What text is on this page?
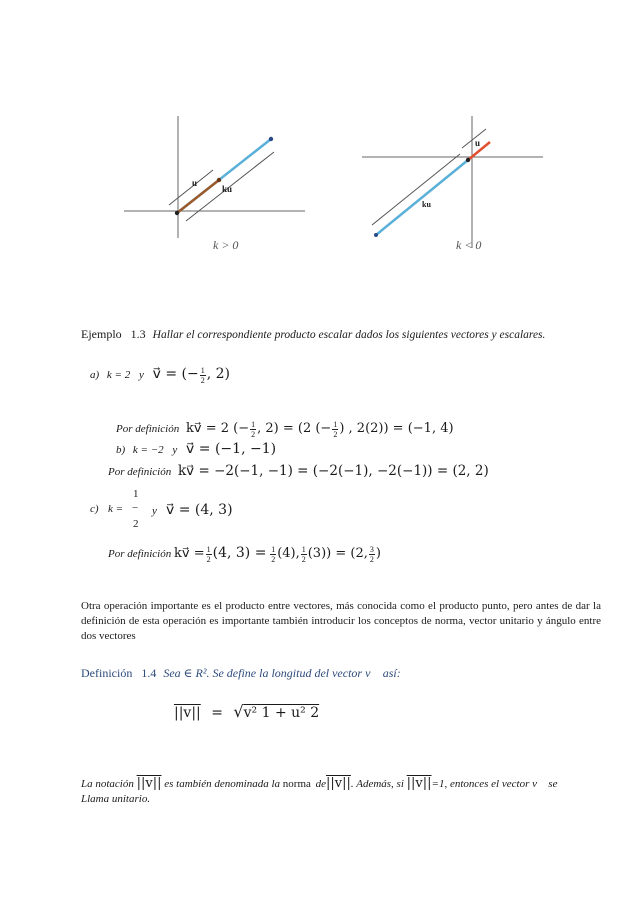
u
ku
k > 0
u
ku
k < 0
Ejemplo 1.3 Hallar el correspondiente producto escalar dados los siguientes vectores y escalares.
a) k = 2 y v⃗ = (− $\frac{1}{2}$ , 2)
Por definición kv⃗ = 2 (− $\frac{1}{2}$ , 2) = (2 (− $\frac{1}{2}$ ) , 2(2)) = (−1, 4)
b) k = −2 y v⃗ = (−1, −1)
Por definición kv⃗ = −2(−1, −1) = (−2(−1), −2(−1)) = (2, 2)
c) k =
1
−
2
y v⃗ = (4, 3)
Por definición kv⃗ = $\frac{1}{2} (4$, $3) = \frac{1}{2} (4)$, $\frac{1}{2} (3)) = (2$, $\frac{3}{2}$ )
Otra operación importante es el producto entre vectores, más conocida como el producto punto, pero antes de dar la definición de esta operación es importante también introducir los conceptos de norma, vector unitario y ángulo entre dos vectores
Definición 1.4 Sea ∈ R². Se define la longitud del vector v⃗ así:
||v|| = √v² 1 + u² 2
La notación ||v|| es también denominada la norma de||v||. Además, si ||v||=1, entonces el vector v⃗ se
Llama unitario.
